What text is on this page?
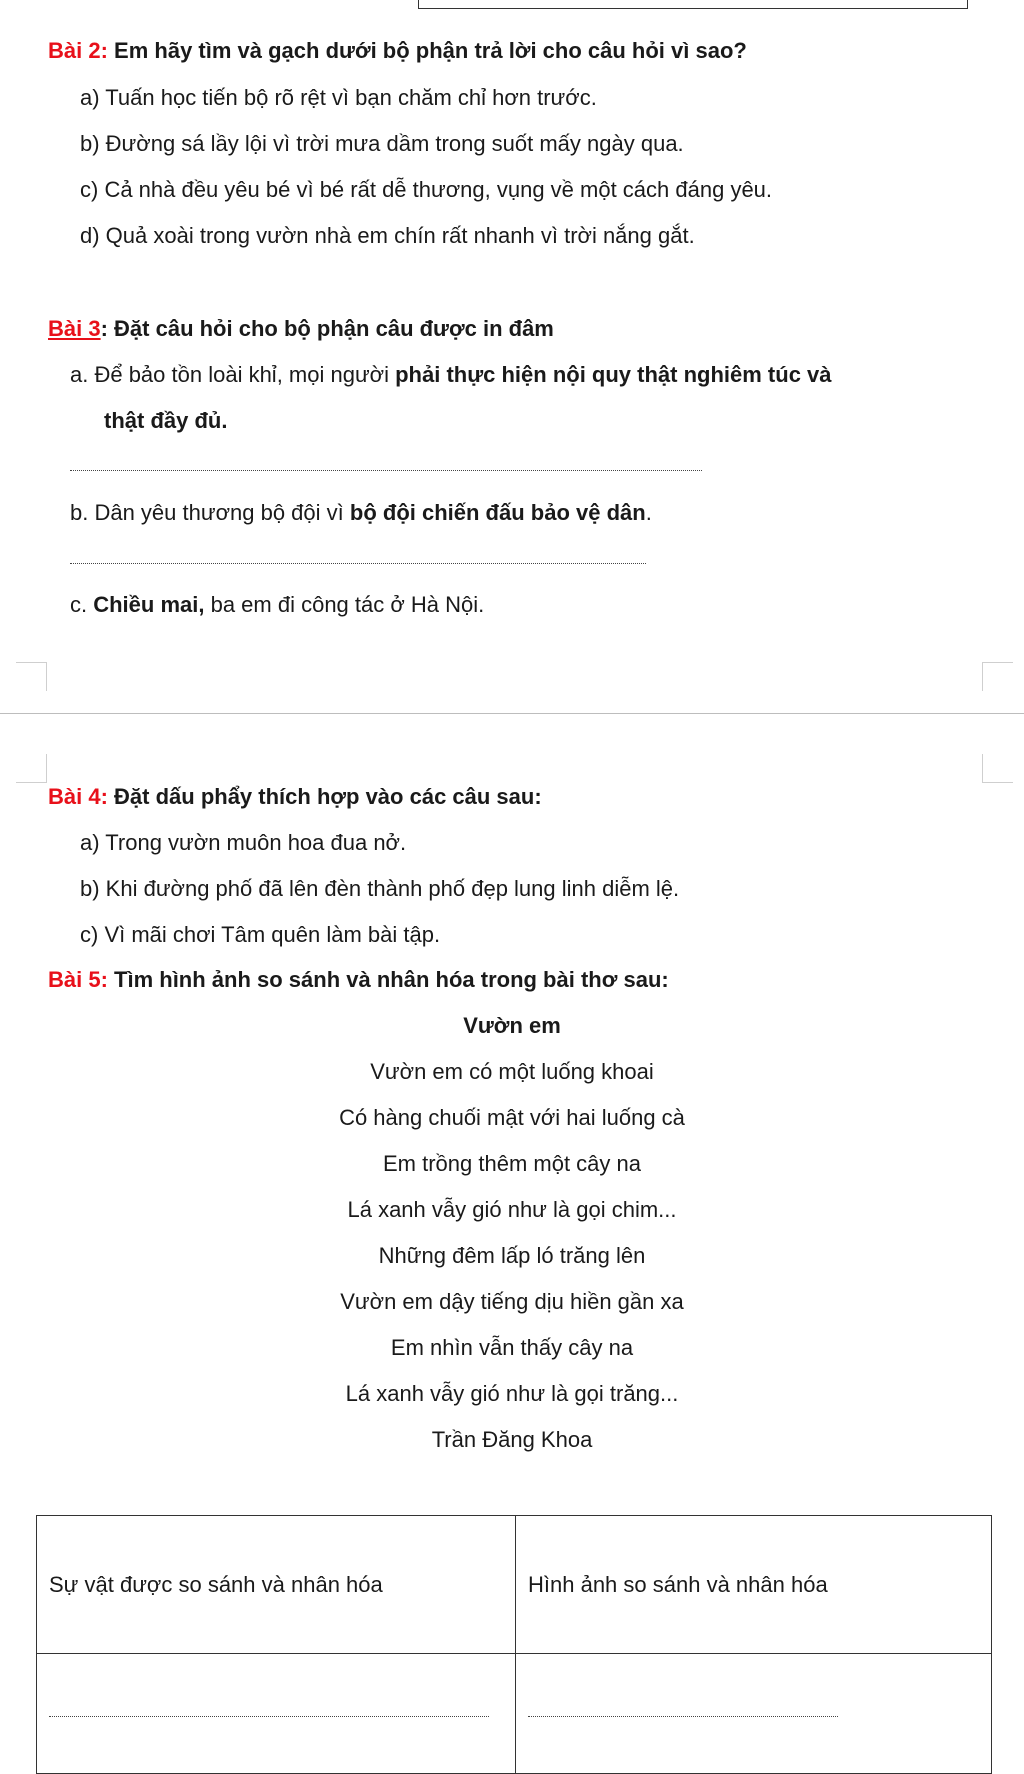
Bài 2: Em hãy tìm và gạch dưới bộ phận trả lời cho câu hỏi vì sao?
a) Tuấn học tiến bộ rõ rệt vì bạn chăm chỉ hơn trước.
b) Đường sá lầy lội vì trời mưa dầm trong suốt mấy ngày qua.
c) Cả nhà đều yêu bé vì bé rất dễ thương, vụng về một cách đáng yêu.
d) Quả xoài trong vườn nhà em chín rất nhanh vì trời nắng gắt.
Bài 3: Đặt câu hỏi cho bộ phận câu được in đâm
a. Để bảo tồn loài khỉ, mọi người phải thực hiện nội quy thật nghiêm túc và
thật đầy đủ.
b. Dân yêu thương bộ đội vì bộ đội chiến đấu bảo vệ dân.
c. Chiều mai, ba em đi công tác ở Hà Nội.
Bài 4: Đặt dấu phẩy thích hợp vào các câu sau:
a) Trong vườn muôn hoa đua nở.
b) Khi đường phố đã lên đèn thành phố đẹp lung linh diễm lệ.
c) Vì mãi chơi Tâm quên làm bài tập.
Bài 5: Tìm hình ảnh so sánh và nhân hóa trong bài thơ sau:
Vườn em
Vườn em có một luống khoai
Có hàng chuối mật với hai luống cà
Em trồng thêm một cây na
Lá xanh vẫy gió như là gọi chim...
Những đêm lấp ló trăng lên
Vườn em dậy tiếng dịu hiền gần xa
Em nhìn vẫn thấy cây na
Lá xanh vẫy gió như là gọi trăng...
Trần Đăng Khoa
Sự vật được so sánh và nhân hóa	Hình ảnh so sánh và nhân hóa
